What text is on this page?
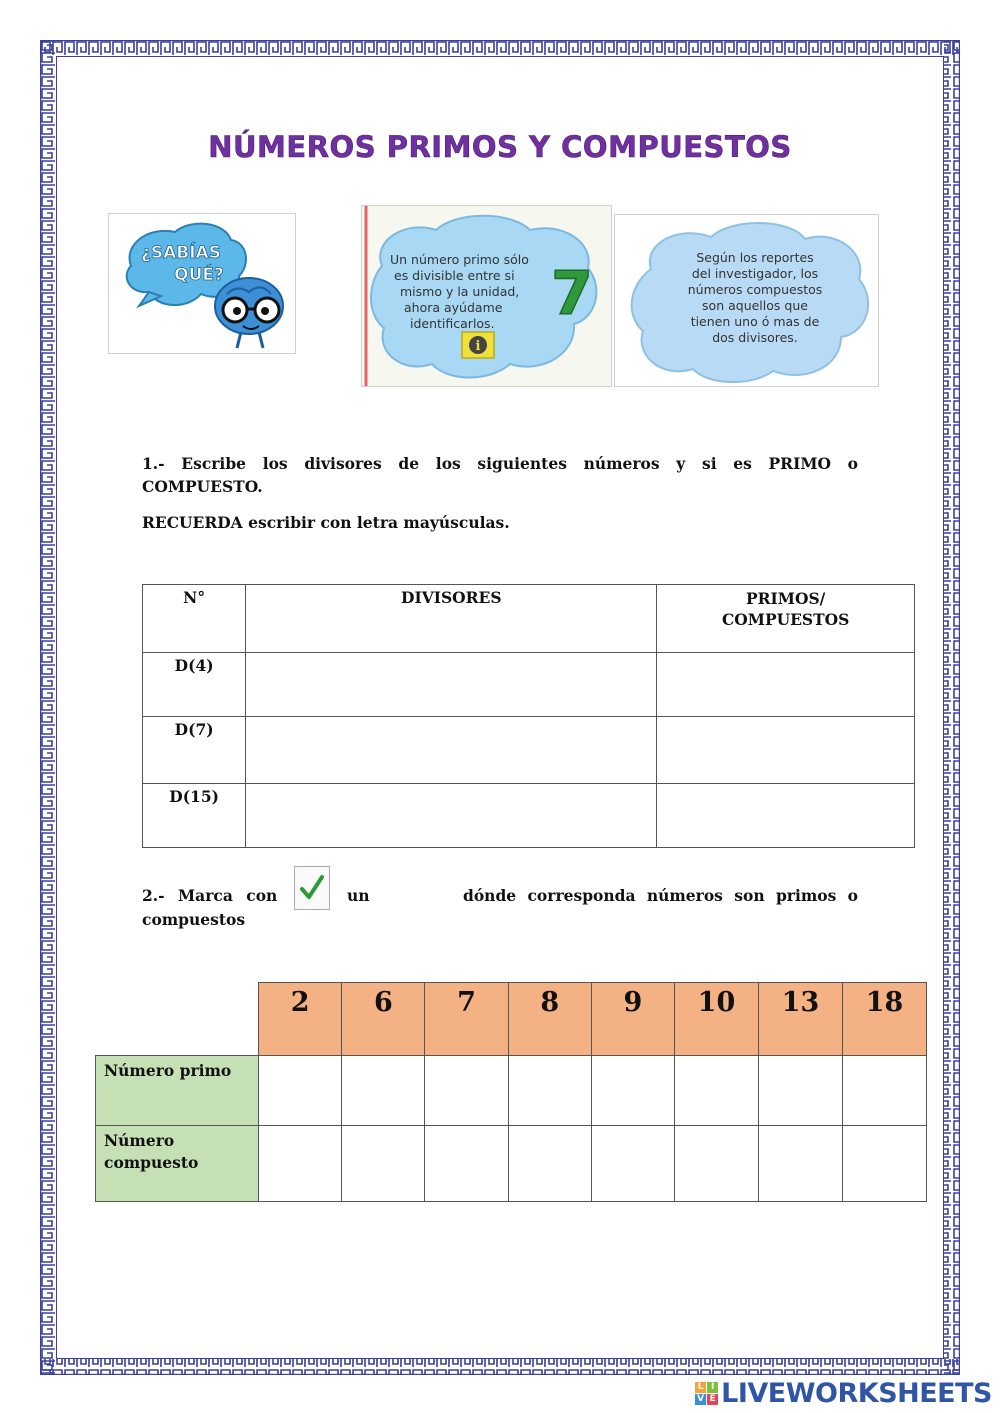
NÚMEROS PRIMOS Y COMPUESTOS
¿SABÍAS
QUÉ?
Un número primo sólo
es divisible entre si
mismo y la unidad,
ahora ayúdame
identificarlos. 7
i
Según los reportes
del investigador, los
números compuestos
son aquellos que
tienen uno ó mas de
dos divisores.
1.- Escribe los divisores de los siguientes números y si es PRIMO o
COMPUESTO.
RECUERDA escribir con letra mayúsculas.
N°	DIVISORES	PRIMOS/
COMPUESTOS

D(4)		
D(7)		
D(15)		
2.- Marca con	un	dónde corresponda números son primos o
compuestos
	2	6	7	8	9	10	13	18
Número primo								

Número
compuesto								

L I
V E LIVEWORKSHEETS
